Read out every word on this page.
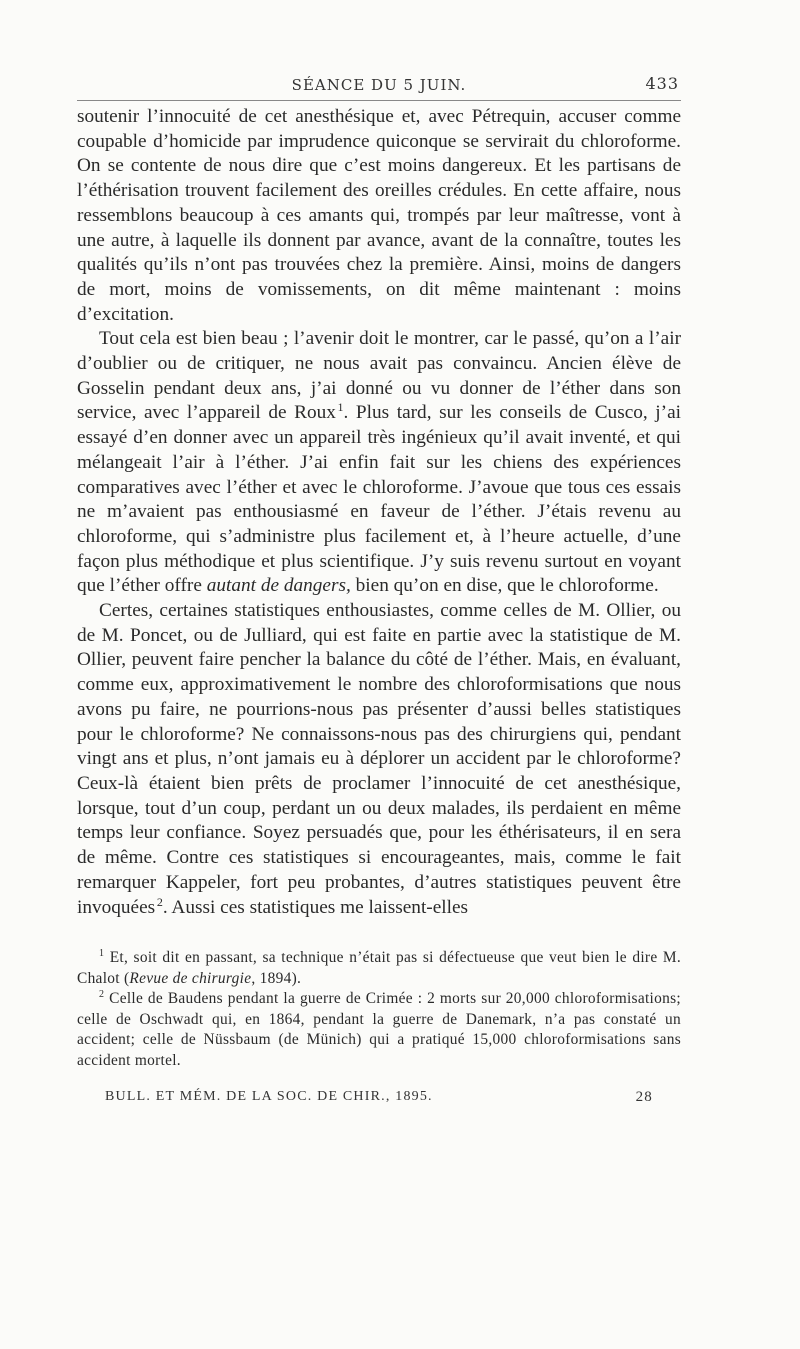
SÉANCE DU 5 JUIN.	433

soutenir l’innocuité de cet anesthésique et, avec Pétrequin, accuser comme coupable d’homicide par imprudence quiconque se servirait du chloroforme. On se contente de nous dire que c’est moins dangereux. Et les partisans de l’éthérisation trouvent facilement des oreilles crédules. En cette affaire, nous ressemblons beaucoup à ces amants qui, trompés par leur maîtresse, vont à une autre, à laquelle ils donnent par avance, avant de la connaître, toutes les qualités qu’ils n’ont pas trouvées chez la première. Ainsi, moins de dangers de mort, moins de vomissements, on dit même maintenant : moins d’excitation.

Tout cela est bien beau ; l’avenir doit le montrer, car le passé, qu’on a l’air d’oublier ou de critiquer, ne nous avait pas convaincu. Ancien élève de Gosselin pendant deux ans, j’ai donné ou vu donner de l’éther dans son service, avec l’appareil de Roux  $^1$. Plus tard, sur les conseils de Cusco, j’ai essayé d’en donner avec un appareil très ingénieux qu’il avait inventé, et qui mélangeait l’air à l’éther. J’ai enfin fait sur les chiens des expériences comparatives avec l’éther et avec le chloroforme. J’avoue que tous ces essais ne m’avaient pas enthousiasmé en faveur de l’éther. J’étais revenu au chloroforme, qui s’administre plus facilement et, à l’heure actuelle, d’une façon plus méthodique et plus scientifique. J’y suis revenu surtout en voyant que l’éther offre autant de dangers, bien qu’on en dise, que le chloroforme.

Certes, certaines statistiques enthousiastes, comme celles de M. Ollier, ou de M. Poncet, ou de Julliard, qui est faite en partie avec la statistique de M. Ollier, peuvent faire pencher la balance du côté de l’éther. Mais, en évaluant, comme eux, approximativement le nombre des chloroformisations que nous avons pu faire, ne pourrions-nous pas présenter d’aussi belles statistiques pour le chloroforme? Ne connaissons-nous pas des chirurgiens qui, pendant vingt ans et plus, n’ont jamais eu à déplorer un accident par le chloroforme? Ceux-là étaient bien prêts de proclamer l’innocuité de cet anesthésique, lorsque, tout d’un coup, perdant un ou deux malades, ils perdaient en même temps leur confiance. Soyez persuadés que, pour les éthérisateurs, il en sera de même. Contre ces statistiques si encourageantes, mais, comme le fait remarquer Kappeler, fort peu probantes, d’autres statistiques peuvent être invoquées  $^2$. Aussi ces statistiques me laissent-elles

$^1$ Et, soit dit en passant, sa technique n’était pas si défectueuse que veut bien le dire M. Chalot (Revue de chirurgie, 1894).

$^2$ Celle de Baudens pendant la guerre de Crimée : 2 morts sur 20,000 chloroformisations; celle de Oschwadt qui, en 1864, pendant la guerre de Danemark, n’a pas constaté un accident; celle de Nüssbaum (de Münich) qui a pratiqué 15,000 chloroformisations sans accident mortel.

BULL. ET MÉM. DE LA SOC. DE CHIR., 1895.	28
